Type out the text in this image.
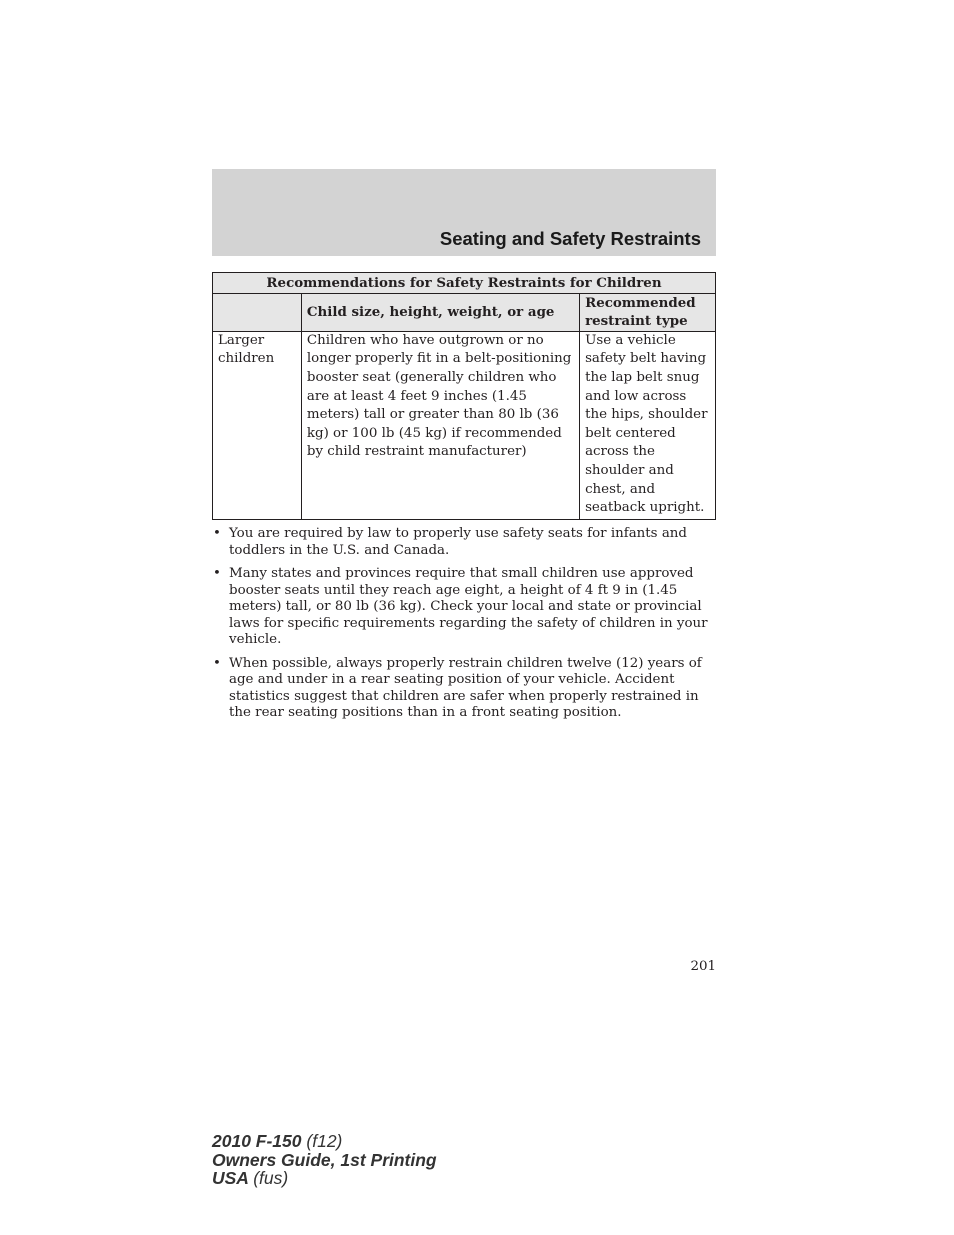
Seating and Safety Restraints
Recommendations for Safety Restraints for Children		
	Child size, height, weight, or age	Recommended restraint type
Larger children	Children who have outgrown or no longer properly fit in a belt-positioning booster seat (generally children who are at least 4 feet 9 inches (1.45 meters) tall or greater than 80 lb (36 kg) or 100 lb (45 kg) if recommended by child restraint manufacturer)	Use a vehicle safety belt having the lap belt snug and low across the hips, shoulder belt centered across the shoulder and chest, and seatback upright.
• You are required by law to properly use safety seats for infants and toddlers in the U.S. and Canada.
• Many states and provinces require that small children use approved booster seats until they reach age eight, a height of 4 ft 9 in (1.45 meters) tall, or 80 lb (36 kg). Check your local and state or provincial laws for specific requirements regarding the safety of children in your vehicle.
• When possible, always properly restrain children twelve (12) years of age and under in a rear seating position of your vehicle. Accident statistics suggest that children are safer when properly restrained in the rear seating positions than in a front seating position.
201
2010 F-150 (f12)
Owners Guide, 1st Printing
USA (fus)
